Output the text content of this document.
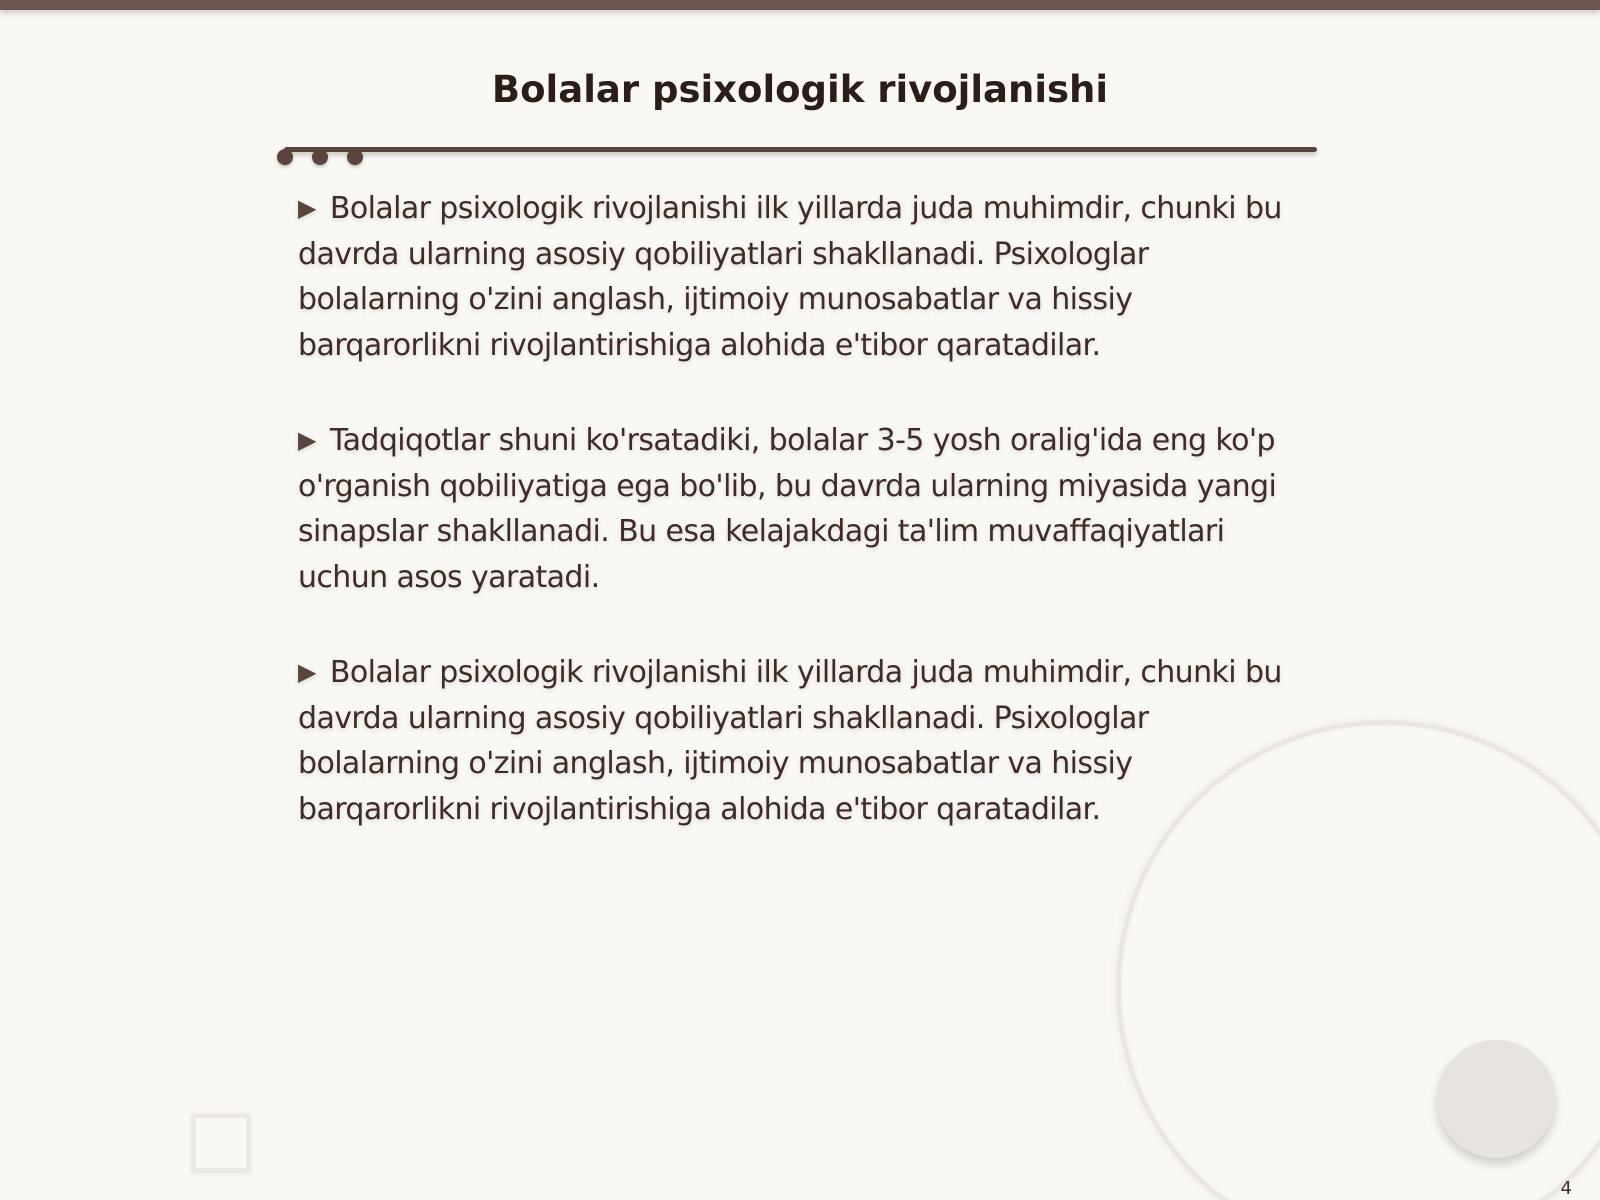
Bolalar psixologik rivojlanishi

▶ Bolalar psixologik rivojlanishi ilk yillarda juda muhimdir, chunki bu davrda ularning asosiy qobiliyatlari shakllanadi. Psixologlar bolalarning o'zini anglash, ijtimoiy munosabatlar va hissiy barqarorlikni rivojlantirishiga alohida e'tibor qaratadilar.

▶ Tadqiqotlar shuni ko'rsatadiki, bolalar 3-5 yosh oralig'ida eng ko'p o'rganish qobiliyatiga ega bo'lib, bu davrda ularning miyasida yangi sinapslar shakllanadi. Bu esa kelajakdagi ta'lim muvaffaqiyatlari uchun asos yaratadi.

▶ Bolalar psixologik rivojlanishi ilk yillarda juda muhimdir, chunki bu davrda ularning asosiy qobiliyatlari shakllanadi. Psixologlar bolalarning o'zini anglash, ijtimoiy munosabatlar va hissiy barqarorlikni rivojlantirishiga alohida e'tibor qaratadilar.

4
